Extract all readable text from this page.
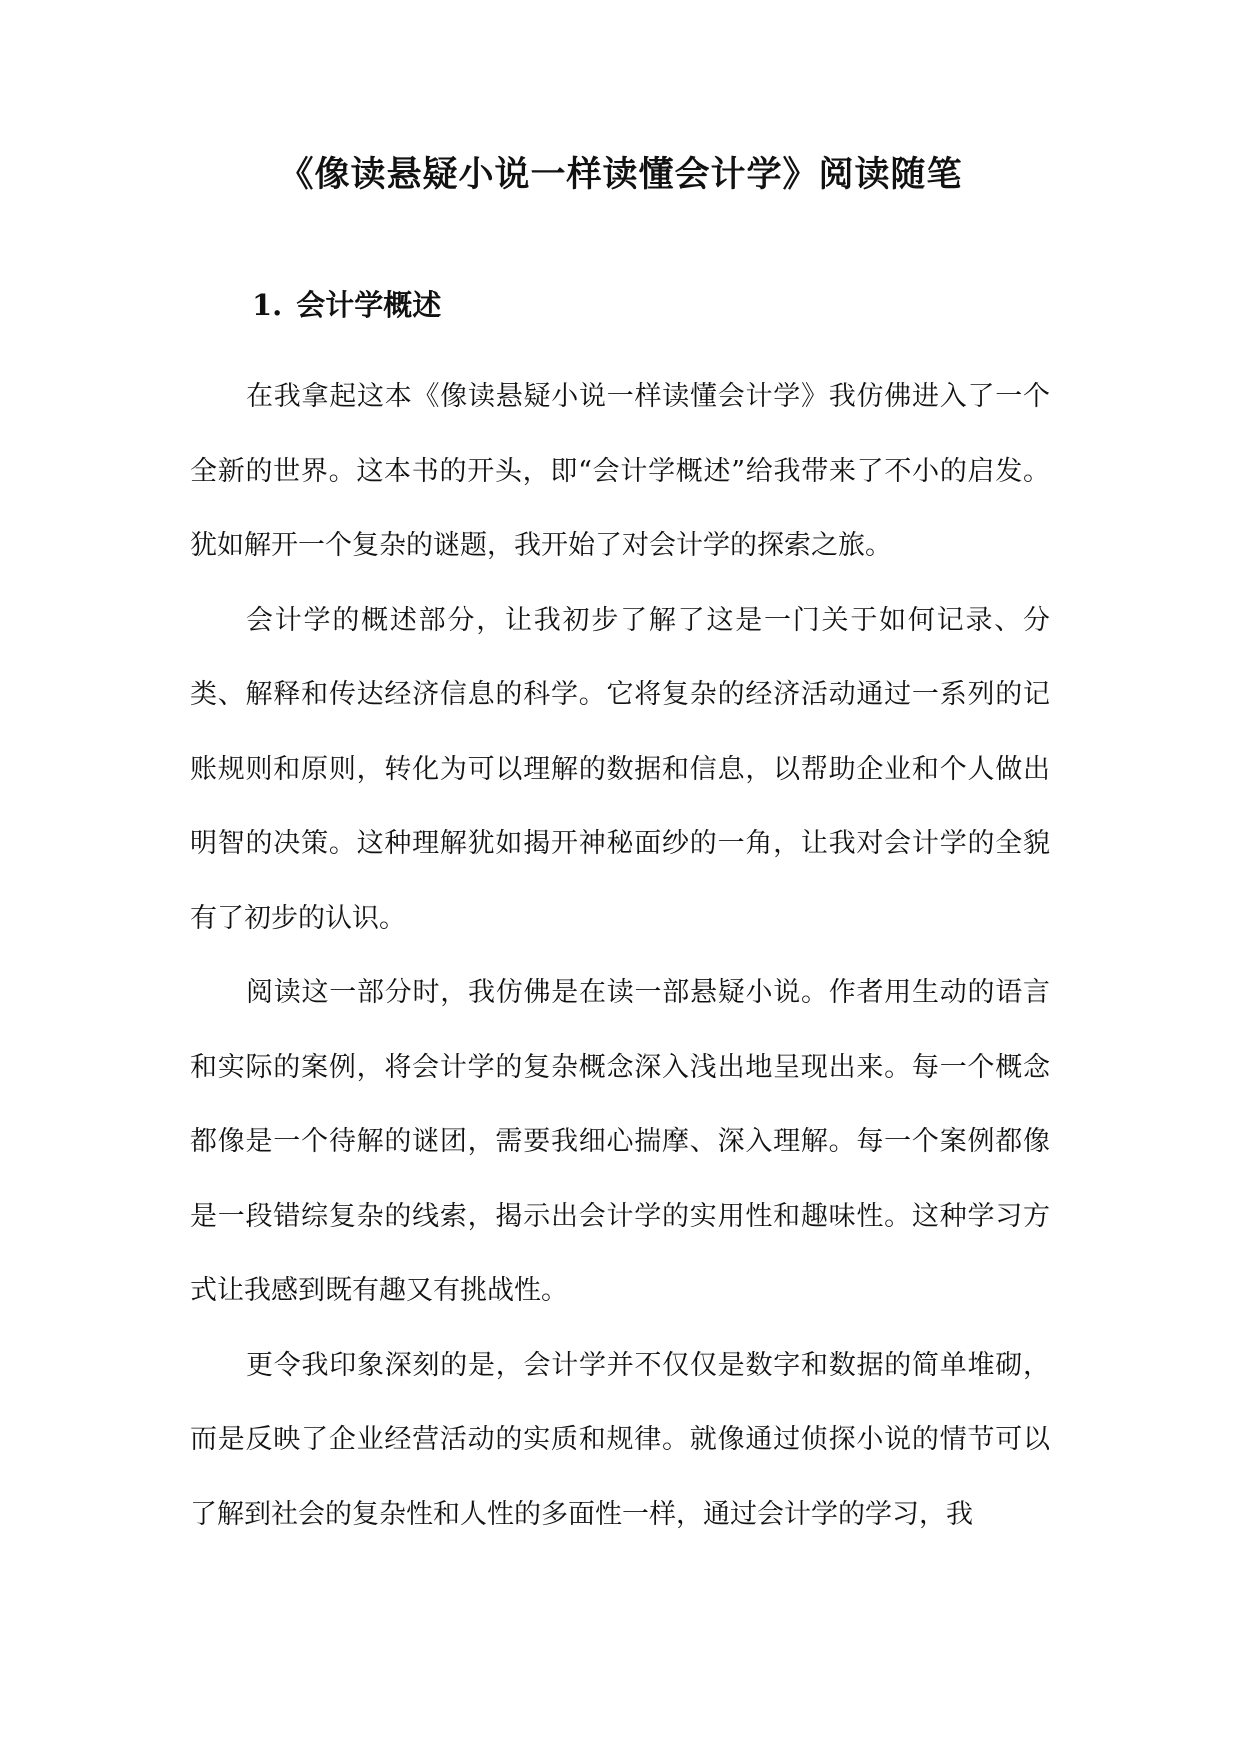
《像读悬疑小说一样读懂会计学》阅读随笔
1. 会计学概述

在我拿起这本《像读悬疑小说一样读懂会计学》我仿佛进入了一个全新的世界。这本书的开头，即“会计学概述”给我带来了不小的启发。犹如解开一个复杂的谜题，我开始了对会计学的探索之旅。

会计学的概述部分，让我初步了解了这是一门关于如何记录、分类、解释和传达经济信息的科学。它将复杂的经济活动通过一系列的记账规则和原则，转化为可以理解的数据和信息，以帮助企业和个人做出明智的决策。这种理解犹如揭开神秘面纱的一角，让我对会计学的全貌有了初步的认识。

阅读这一部分时，我仿佛是在读一部悬疑小说。作者用生动的语言和实际的案例，将会计学的复杂概念深入浅出地呈现出来。每一个概念都像是一个待解的谜团，需要我细心揣摩、深入理解。每一个案例都像是一段错综复杂的线索，揭示出会计学的实用性和趣味性。这种学习方式让我感到既有趣又有挑战性。

更令我印象深刻的是，会计学并不仅仅是数字和数据的简单堆砌，而是反映了企业经营活动的实质和规律。就像通过侦探小说的情节可以了解到社会的复杂性和人性的多面性一样，通过会计学的学习，我
